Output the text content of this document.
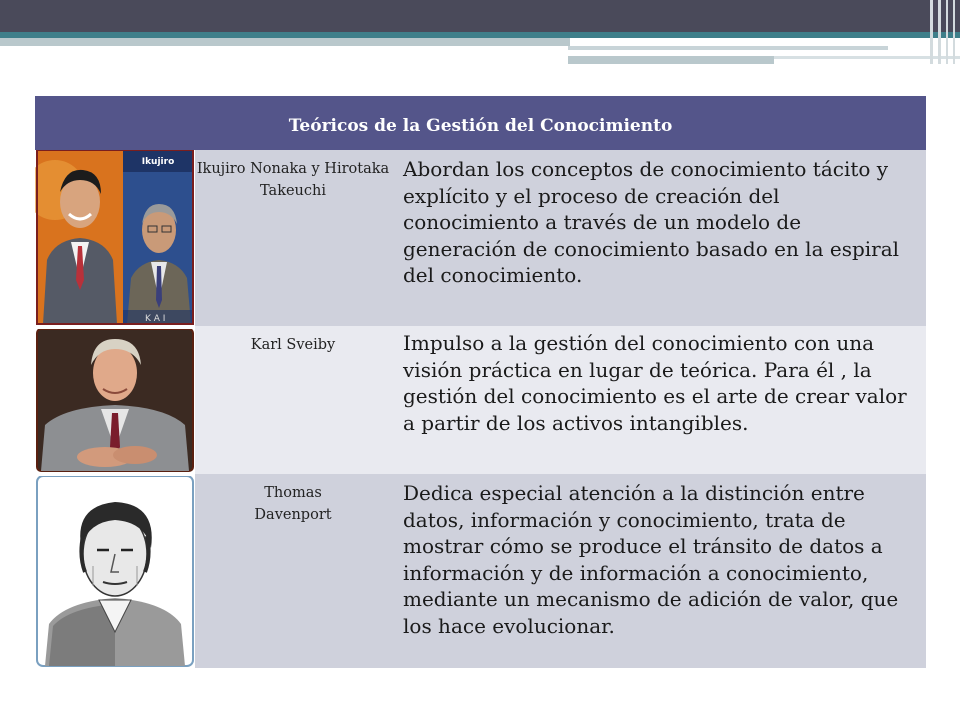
Teóricos de la Gestión del Conocimiento
Ikujiro
K A I
Ikujiro Nonaka y Hirotaka Takeuchi
Abordan los conceptos de conocimiento tácito y explícito y el proceso de creación del conocimiento a través de un modelo de generación de conocimiento basado en la espiral del conocimiento.
Karl Sveiby	Impulso a la gestión del conocimiento con una visión práctica en lugar de teórica. Para él , la gestión del conocimiento es el arte de crear valor a partir de los activos intangibles.
Thomas Davenport
Dedica especial atención a la distinción entre datos, información y conocimiento, trata de mostrar cómo se produce el tránsito de datos a información y de información a conocimiento, mediante un mecanismo de adición de valor, que los hace evolucionar.
